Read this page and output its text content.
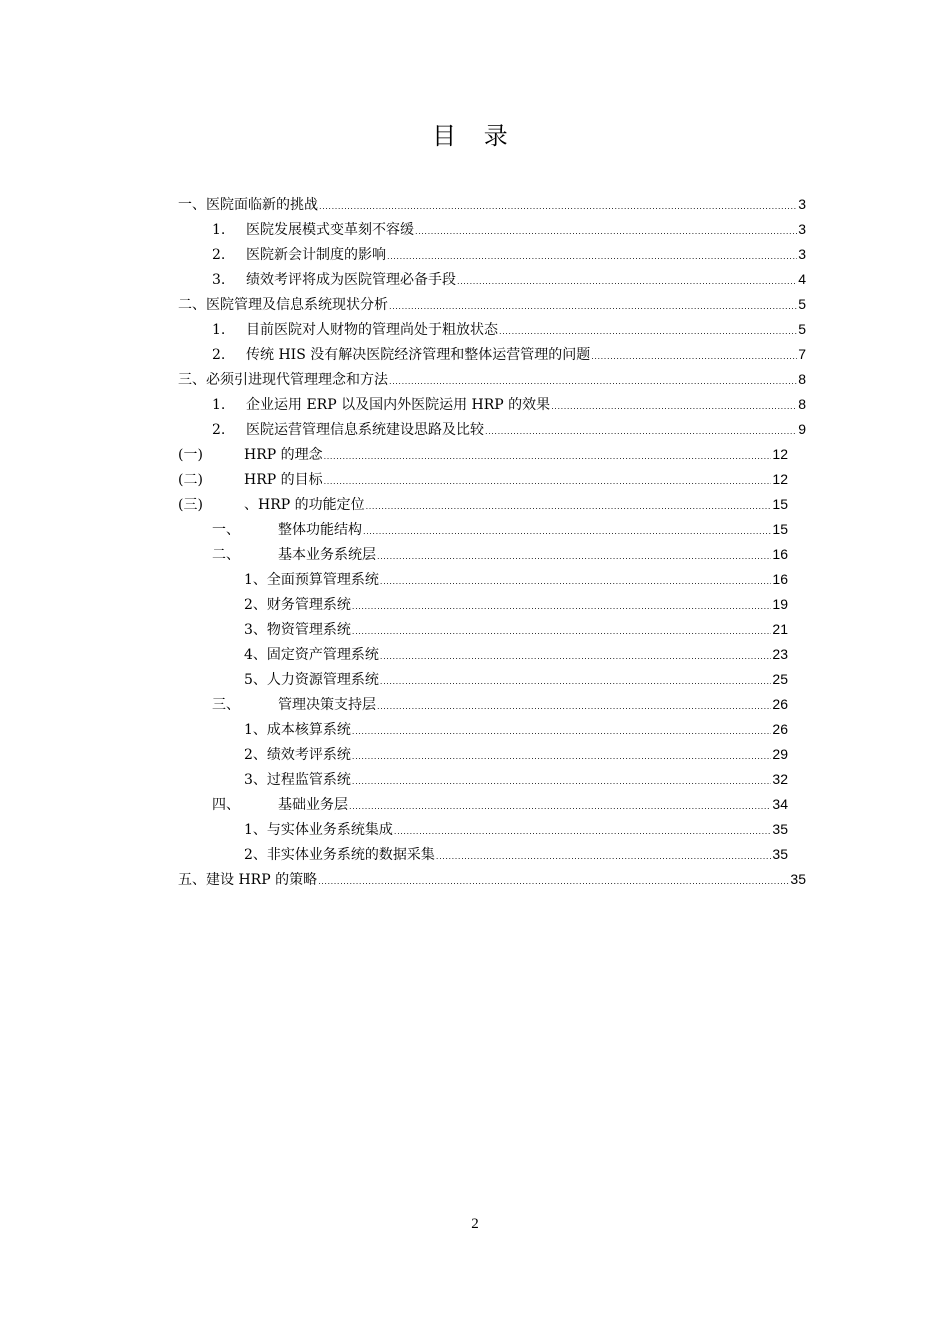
目 录
一、医院面临新的挑战 .....	3
1.	医院发展模式变革刻不容缓 .....	3
2.	医院新会计制度的影响 .....	3
3.	绩效考评将成为医院管理必备手段 .....	4
二、医院管理及信息系统现状分析 .....	5
1.	目前医院对人财物的管理尚处于粗放状态 .....	5
2.	传统 HIS 没有解决医院经济管理和整体运营管理的问题 .....	7
三、必须引进现代管理理念和方法 .....	8
1.	企业运用 ERP 以及国内外医院运用 HRP 的效果 .....	8
2.	医院运营管理信息系统建设思路及比较 .....	9
(一)	HRP 的理念 .....	12
(二)	HRP 的目标 .....	12
(三)	、HRP 的功能定位 .....	15
一、	整体功能结构 .....	15
二、	基本业务系统层 .....	16
1、全面预算管理系统 .....	16
2、财务管理系统 .....	19
3、物资管理系统 .....	21
4、固定资产管理系统 .....	23
5、人力资源管理系统 .....	25
三、	管理决策支持层 .....	26
1、成本核算系统 .....	26
2、绩效考评系统 .....	29
3、过程监管系统 .....	32
四、	基础业务层 .....	34
1、与实体业务系统集成 .....	35
2、非实体业务系统的数据采集 .....	35
五、建设 HRP 的策略 .....	35
2
